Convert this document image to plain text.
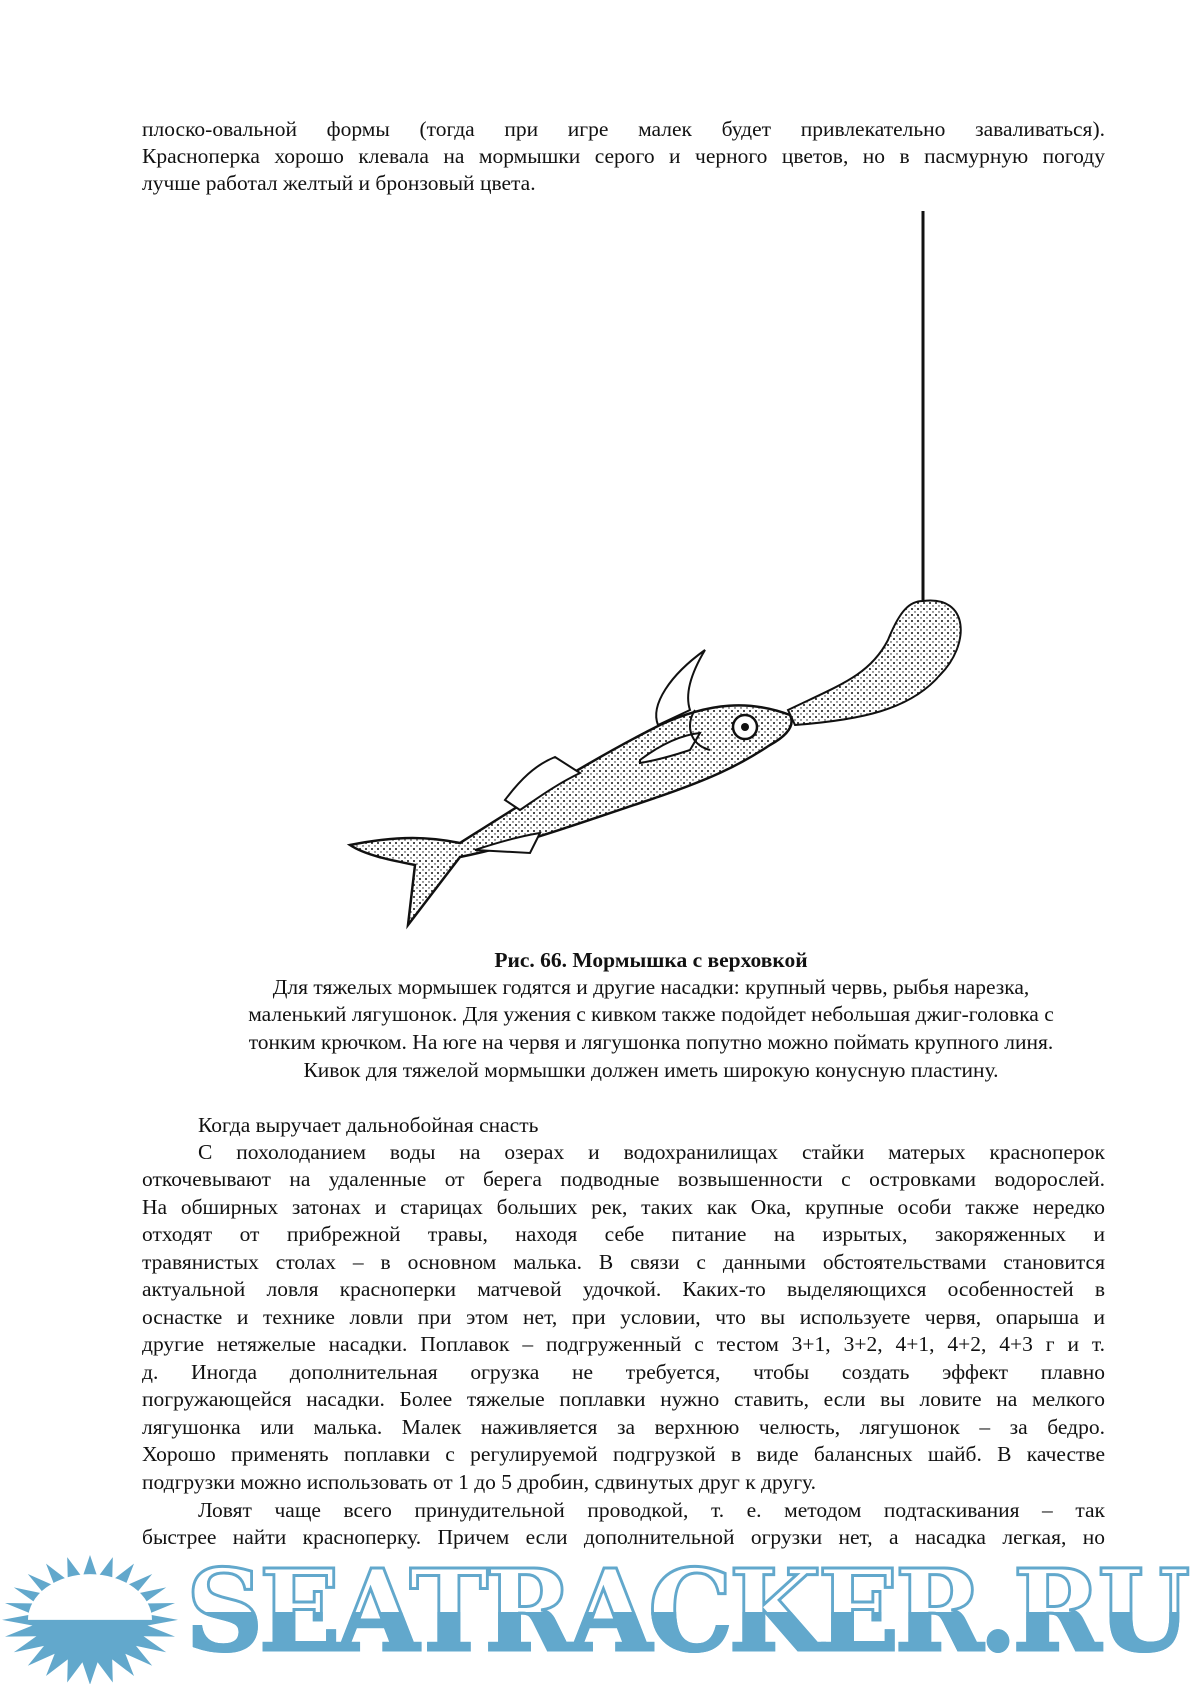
SEATRACKER.RU
плоско-овальной формы (тогда при игре малек будет привлекательно заваливаться).
Красноперка хорошо клевала на мормышки серого и черного цветов, но в пасмурную погоду
лучше работал желтый и бронзовый цвета.
Рис. 66. Мормышка с верховкой
Для тяжелых мормышек годятся и другие насадки: крупный червь, рыбья нарезка,
маленький лягушонок. Для ужения с кивком также подойдет небольшая джиг-головка с
тонким крючком. На юге на червя и лягушонка попутно можно поймать крупного линя.
Кивок для тяжелой мормышки должен иметь широкую конусную пластину.
Когда выручает дальнобойная снасть
С похолоданием воды на озерах и водохранилищах стайки матерых красноперок
откочевывают на удаленные от берега подводные возвышенности с островками водорослей.
На обширных затонах и старицах больших рек, таких как Ока, крупные особи также нередко
отходят от прибрежной травы, находя себе питание на изрытых, закоряженных и
травянистых столах – в основном малька. В связи с данными обстоятельствами становится
актуальной ловля красноперки матчевой удочкой. Каких-то выделяющихся особенностей в
оснастке и технике ловли при этом нет, при условии, что вы используете червя, опарыша и
другие нетяжелые насадки. Поплавок – подгруженный с тестом 3+1, 3+2, 4+1, 4+2, 4+3 г и т.
д. Иногда дополнительная огрузка не требуется, чтобы создать эффект плавно
погружающейся насадки. Более тяжелые поплавки нужно ставить, если вы ловите на мелкого
лягушонка или малька. Малек наживляется за верхнюю челюсть, лягушонок – за бедро.
Хорошо применять поплавки с регулируемой подгрузкой в виде балансных шайб. В качестве
подгрузки можно использовать от 1 до 5 дробин, сдвинутых друг к другу.
Ловят чаще всего принудительной проводкой, т. е. методом подтаскивания – так
быстрее найти красноперку. Причем если дополнительной огрузки нет, а насадка легкая, но
